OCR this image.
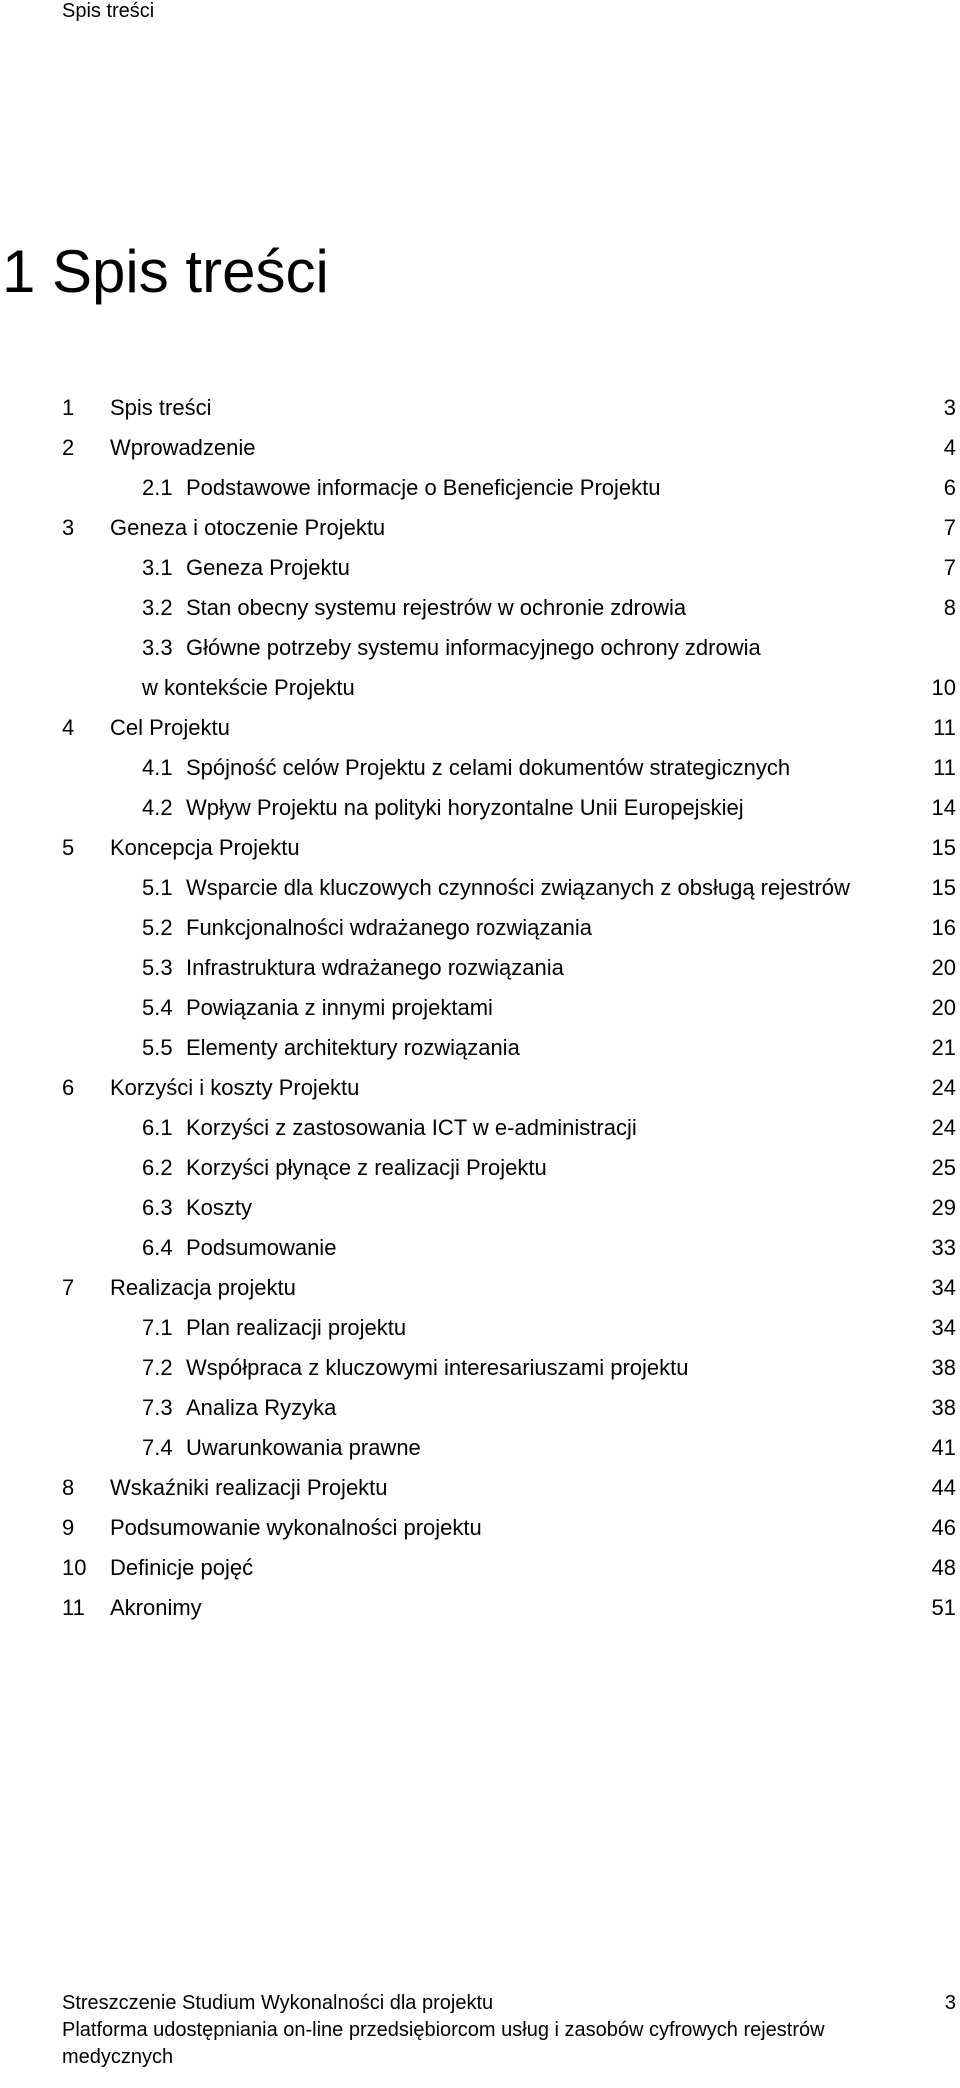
Spis treści
1 Spis treści
1 Spis treści	3
2 Wprowadzenie	4
2.1 Podstawowe informacje o Beneficjencie Projektu	6
3 Geneza i otoczenie Projektu	7
3.1 Geneza Projektu	7
3.2 Stan obecny systemu rejestrów w ochronie zdrowia	8
3.3 Główne potrzeby systemu informacyjnego ochrony zdrowia
w kontekście Projektu	10
4 Cel Projektu	11
4.1 Spójność celów Projektu z celami dokumentów strategicznych	11
4.2 Wpływ Projektu na polityki horyzontalne Unii Europejskiej	14
5 Koncepcja Projektu	15
5.1 Wsparcie dla kluczowych czynności związanych z obsługą rejestrów	15
5.2 Funkcjonalności wdrażanego rozwiązania	16
5.3 Infrastruktura wdrażanego rozwiązania	20
5.4 Powiązania z innymi projektami	20
5.5 Elementy architektury rozwiązania	21
6 Korzyści i koszty Projektu	24
6.1 Korzyści z zastosowania ICT w e-administracji	24
6.2 Korzyści płynące z realizacji Projektu	25
6.3 Koszty	29
6.4 Podsumowanie	33
7 Realizacja projektu	34
7.1 Plan realizacji projektu	34
7.2 Współpraca z kluczowymi interesariuszami projektu	38
7.3 Analiza Ryzyka	38
7.4 Uwarunkowania prawne	41
8 Wskaźniki realizacji Projektu	44
9 Podsumowanie wykonalności projektu	46
10 Definicje pojęć	48
11 Akronimy	51
Streszczenie Studium Wykonalności dla projektu
Platforma udostępniania on-line przedsiębiorcom usług i zasobów cyfrowych rejestrów
medycznych
3
